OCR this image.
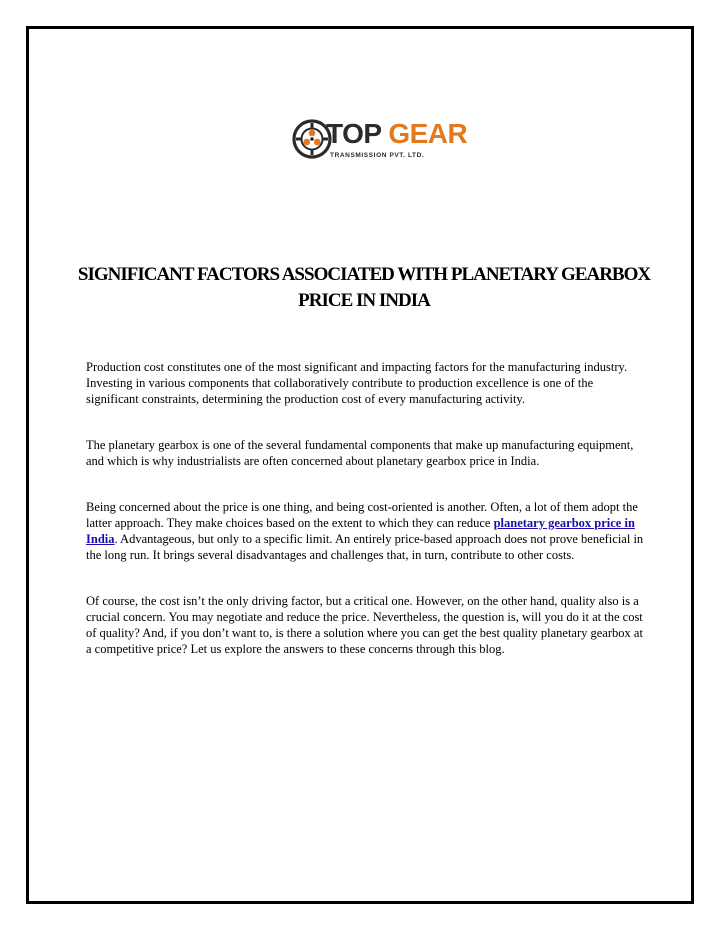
TOP GEAR
TRANSMISSION PVT. LTD.
SIGNIFICANT FACTORS ASSOCIATED WITH PLANETARY GEARBOX PRICE IN INDIA

Production cost constitutes one of the most significant and impacting factors for the manufacturing industry. Investing in various components that collaboratively contribute to production excellence is one of the significant constraints, determining the production cost of every manufacturing activity.

The planetary gearbox is one of the several fundamental components that make up manufacturing equipment, and which is why industrialists are often concerned about planetary gearbox price in India.

Being concerned about the price is one thing, and being cost-oriented is another. Often, a lot of them adopt the latter approach. They make choices based on the extent to which they can reduce planetary gearbox price in India. Advantageous, but only to a specific limit. An entirely price-based approach does not prove beneficial in the long run. It brings several disadvantages and challenges that, in turn, contribute to other costs.

Of course, the cost isn’t the only driving factor, but a critical one. However, on the other hand, quality also is a crucial concern. You may negotiate and reduce the price. Nevertheless, the question is, will you do it at the cost of quality? And, if you don’t want to, is there a solution where you can get the best quality planetary gearbox at a competitive price? Let us explore the answers to these concerns through this blog.
